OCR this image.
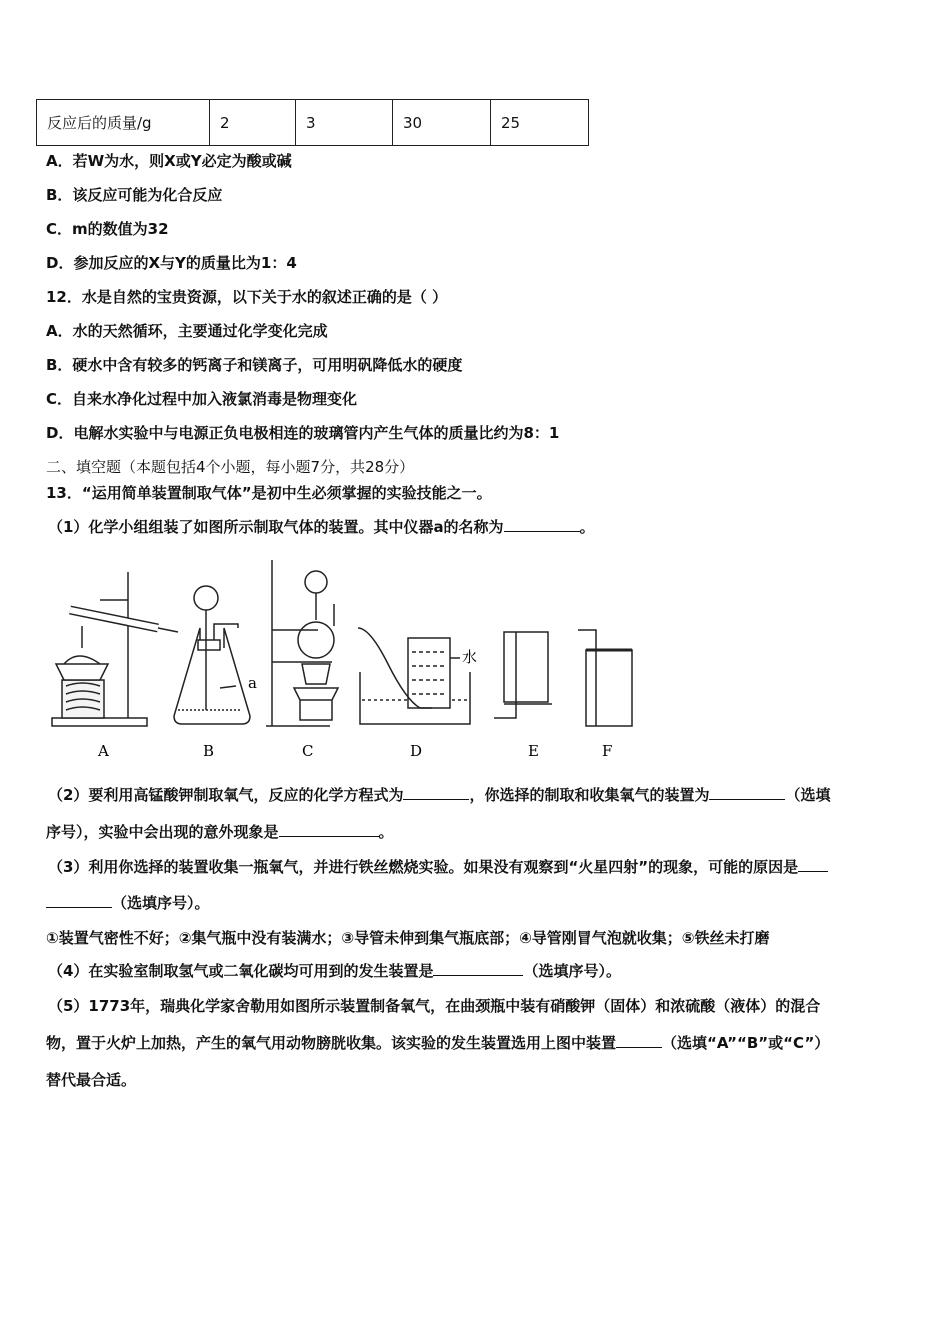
反应后的质量/g	2	3	30	25
A．若W为水，则X或Y必定为酸或碱
B．该反应可能为化合反应
C．m的数值为32
D．参加反应的X与Y的质量比为1：4
12．水是自然的宝贵资源，以下关于水的叙述正确的是（ ）
A．水的天然循环，主要通过化学变化完成
B．硬水中含有较多的钙离子和镁离子，可用明矾降低水的硬度
C．自来水净化过程中加入液氯消毒是物理变化
D．电解水实验中与电源正负电极相连的玻璃管内产生气体的质量比约为8：1
二、填空题（本题包括4个小题，每小题7分，共28分）
13．“运用简单装置制取气体”是初中生必须掌握的实验技能之一。
（1）化学小组组装了如图所示制取气体的装置。其中仪器a的名称为	。
a
水
A	B	C	D	E	F
（2）要利用高锰酸钾制取氧气，反应的化学方程式为	，你选择的制取和收集氧气的装置为	（选填
序号），实验中会出现的意外现象是	。
（3）利用你选择的装置收集一瓶氧气，并进行铁丝燃烧实验。如果没有观察到“火星四射”的现象，可能的原因是
（选填序号）。
①装置气密性不好；②集气瓶中没有装满水；③导管未伸到集气瓶底部；④导管刚冒气泡就收集；⑤铁丝未打磨
（4）在实验室制取氢气或二氧化碳均可用到的发生装置是	（选填序号）。
（5）1773年，瑞典化学家舍勒用如图所示装置制备氧气，在曲颈瓶中装有硝酸钾（固体）和浓硫酸（液体）的混合
物，置于火炉上加热，产生的氧气用动物膀胱收集。该实验的发生装置选用上图中装置	（选填“A”“B”或“C”）
替代最合适。
